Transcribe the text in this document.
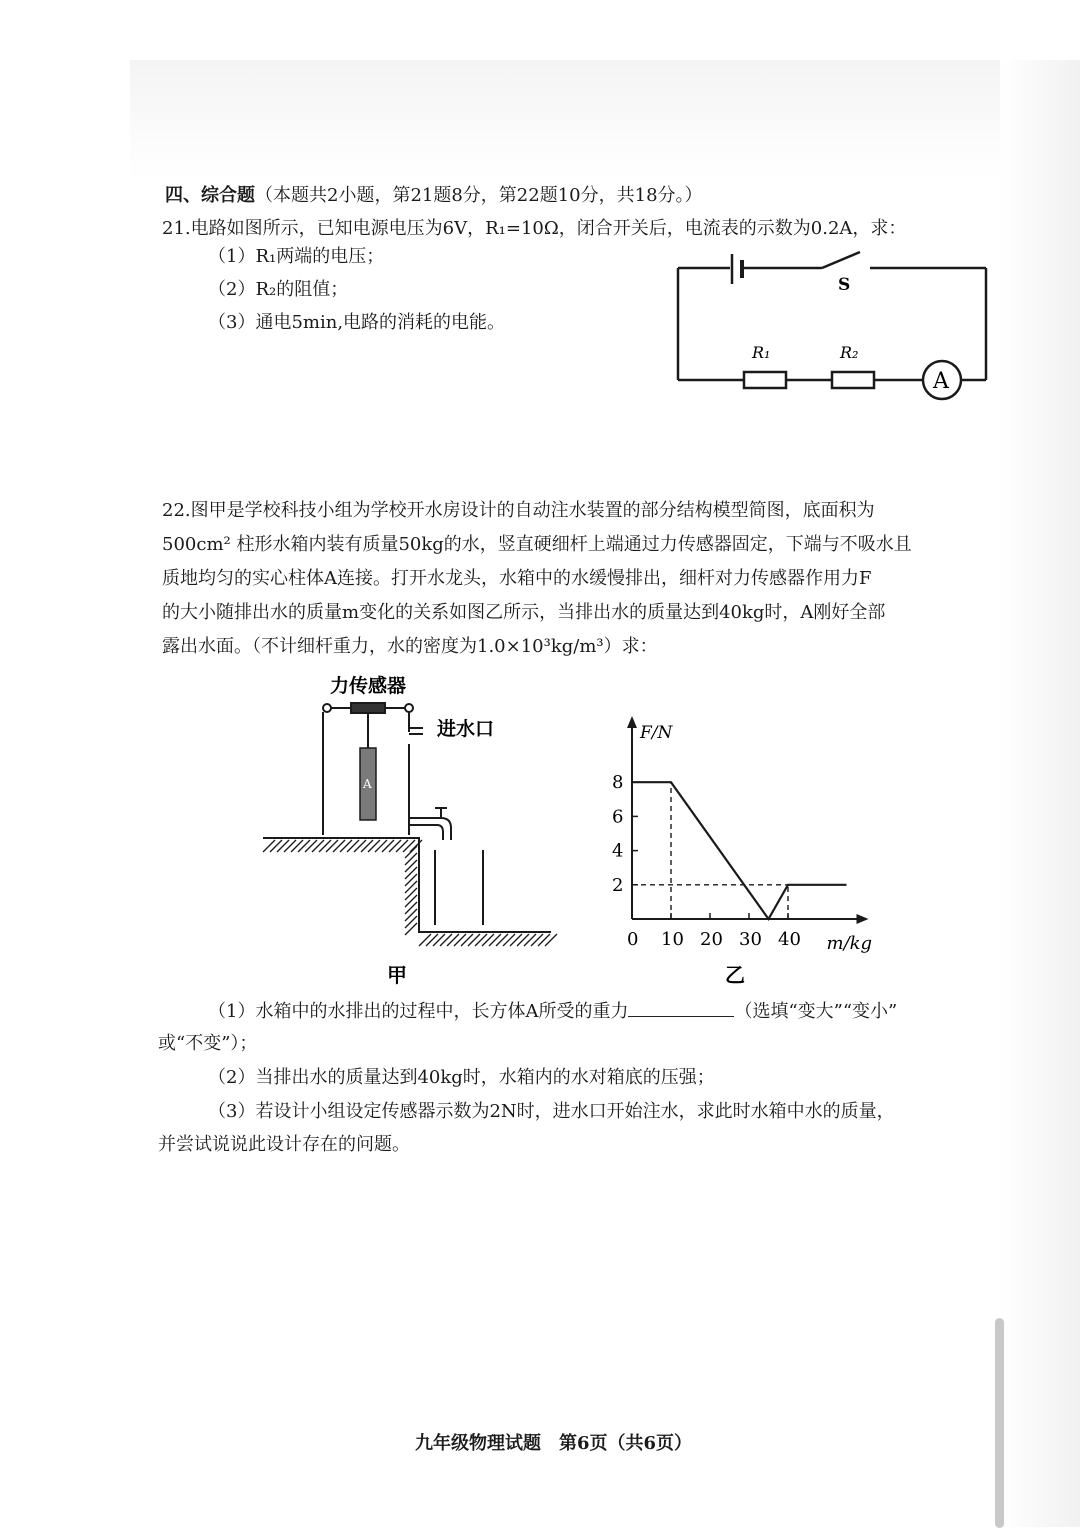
四、综合题（本题共2小题，第21题8分，第22题10分，共18分。）
21.电路如图所示，已知电源电压为6V，R₁=10Ω，闭合开关后，电流表的示数为0.2A，求：
（1）R₁两端的电压；
（2）R₂的阻值；
（3）通电5min,电路的消耗的电能。
S
R₁	R₂
A
22.图甲是学校科技小组为学校开水房设计的自动注水装置的部分结构模型简图，底面积为
500cm² 柱形水箱内装有质量50kg的水，竖直硬细杆上端通过力传感器固定，下端与不吸水且
质地均匀的实心柱体A连接。打开水龙头，水箱中的水缓慢排出，细杆对力传感器作用力F
的大小随排出水的质量m变化的关系如图乙所示，当排出水的质量达到40kg时，A刚好全部
露出水面。（不计细杆重力，水的密度为1.0×10³kg/m³）求：
力传感器
A
进水口
甲	乙
0 10 20 30 40
2
4
6
8
F/N
m/kg
（1）水箱中的水排出的过程中，长方体A所受的重力	（选填“变大”“变小”
或“不变”）；
（2）当排出水的质量达到40kg时，水箱内的水对箱底的压强；
（3）若设计小组设定传感器示数为2N时，进水口开始注水，求此时水箱中水的质量，
并尝试说说此设计存在的问题。
九年级物理试题　第6页（共6页）
